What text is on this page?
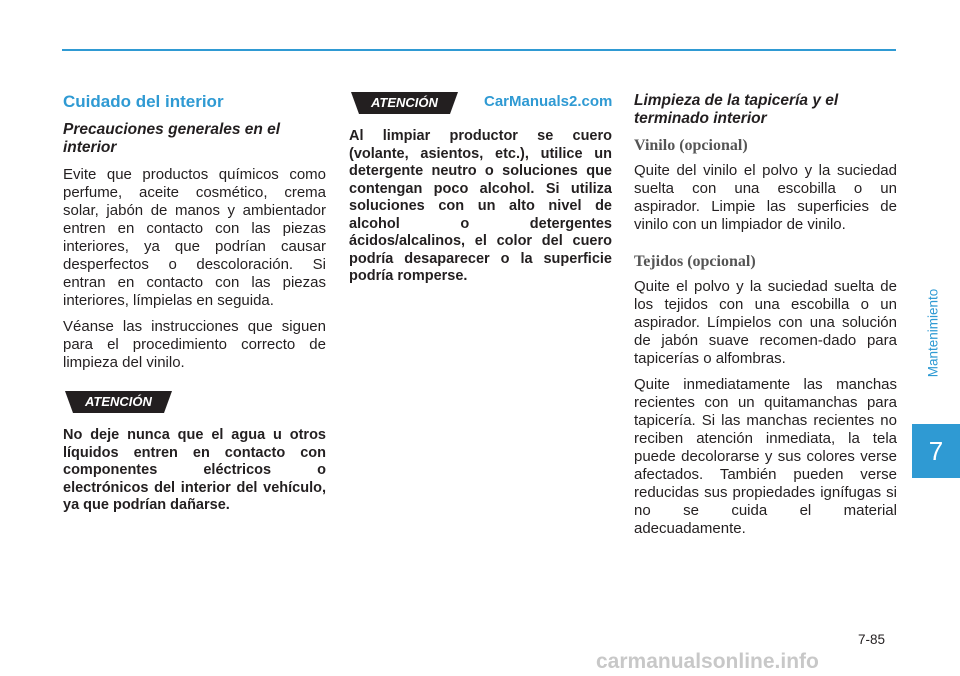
Cuidado del interior
Precauciones generales en el interior

Evite que productos químicos como perfume, aceite cosmético, crema solar, jabón de manos y ambientador entren en contacto con las piezas interiores, ya que podrían causar desperfectos o descoloración. Si entran en contacto con las piezas interiores, límpielas en seguida.

Véanse las instrucciones que siguen para el procedimiento correcto de limpieza del vinilo.

ATENCIÓN

No deje nunca que el agua u otros líquidos entren en contacto con componentes eléctricos o electrónicos del interior del vehículo, ya que podrían dañarse.

ATENCIÓN

Al limpiar productor se cuero (volante, asientos, etc.), utilice un detergente neutro o soluciones que contengan poco alcohol. Si utiliza soluciones con un alto nivel de alcohol o detergentes ácidos/alcalinos, el color del cuero podría desaparecer o la superficie podría romperse.

CarManuals2.com Limpieza de la tapicería y el terminado interior
Vinilo (opcional)

Quite del vinilo el polvo y la suciedad suelta con una escobilla o un aspirador. Limpie las superficies de vinilo con un limpiador de vinilo.

Tejidos (opcional)

Quite el polvo y la suciedad suelta de los tejidos con una escobilla o un aspirador. Límpielos con una solución de jabón suave recomen-dado para tapicerías o alfombras.

Quite inmediatamente las manchas recientes con un quitamanchas para tapicería. Si las manchas recientes no reciben atención inmediata, la tela puede decolorarse y sus colores verse afectados. También pueden verse reducidas sus propiedades ignífugas si no se cuida el material adecuadamente.

Mantenimiento
7
7-85
carmanualsonline.info
